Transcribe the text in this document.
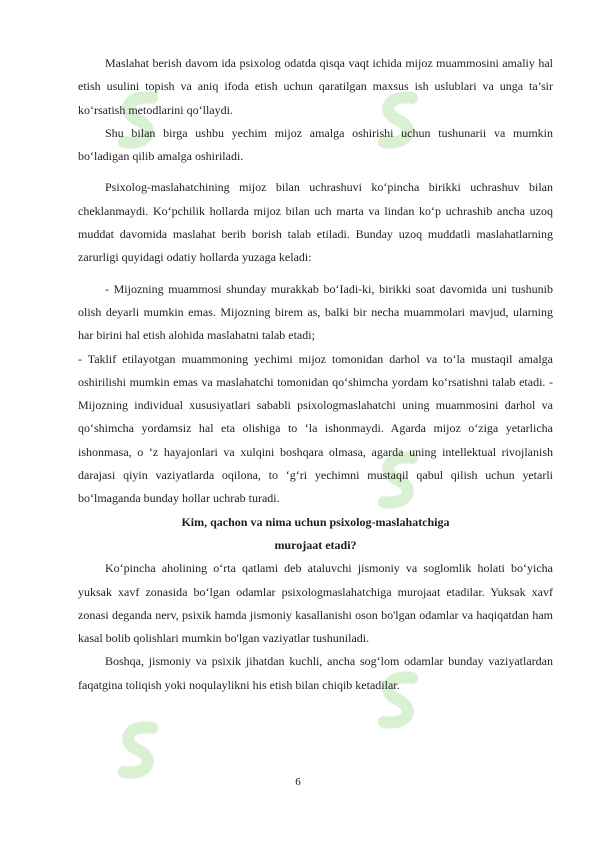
Maslahat berish davom ida psixolog odatda qisqa vaqt ichida mijoz muammosini amaliy hal etish usulini topish va aniq ifoda etish uchun qaratilgan maxsus ish uslublari va unga ta’sir ko‘rsatish metodlarini qo‘llaydi.

Shu bilan birga ushbu yechim mijoz amalga oshirishi uchun tushunarii va mumkin bo‘ladigan qilib amalga oshiriladi.

Psixolog-maslahatchining mijoz bilan uchrashuvi ko‘pincha birikki uchrashuv bilan cheklanmaydi. Ko‘pchilik hollarda mijoz bilan uch marta va lindan ko‘p uchrashib ancha uzoq muddat davomida maslahat berib borish talab etiladi. Bunday uzoq muddatli maslahatlarning zarurligi quyidagi odatiy hollarda yuzaga keladi:

- Mijozning muammosi shunday murakkab bo‘Iadi-ki, birikki soat davomida uni tushunib olish deyarli mumkin emas. Mijozning birem as, balki bir necha muammolari mavjud, ularning har birini hal etish alohida maslahatni talab etadi;

- Taklif etilayotgan muammoning yechimi mijoz tomonidan darhol va to‘la mustaqil amalga oshirilishi mumkin emas va maslahatchi tomonidan qo‘shimcha yordam ko‘rsatishni talab etadi. - Mijozning individual xususiyatlari sababli psixologmaslahatchi uning muammosini darhol va qo‘shimcha yordamsiz hal eta olishiga to ‘la ishonmaydi. Agarda mijoz o‘ziga yetarlicha ishonmasa, o ‘z hayajonlari va xulqini boshqara olmasa, agarda uning intellektual rivojlanish darajasi qiyin vaziyatlarda oqilona, to ‘g‘ri yechimni mustaqil qabul qilish uchun yetarli bo‘lmaganda bunday hollar uchrab turadi.

Kim, qachon va nima uchun psixolog-maslahatchiga
murojaat etadi?

Ko‘pincha aholining o‘rta qatlami deb ataluvchi jismoniy va soglomlik holati bo‘yicha yuksak xavf zonasida bo‘lgan odamlar psixologmaslahatchiga murojaat etadilar. Yuksak xavf zonasi deganda nerv, psixik hamda jismoniy kasallanishi oson bo'lgan odamlar va haqiqatdan ham kasal bolib qolishlari mumkin bo'lgan vaziyatlar tushuniladi.

Boshqa, jismoniy va psixik jihatdan kuchli, ancha sog‘lom odamlar bunday vaziyatlardan faqatgina toliqish yoki noqulaylikni his etish bilan chiqib ketadilar.

6
